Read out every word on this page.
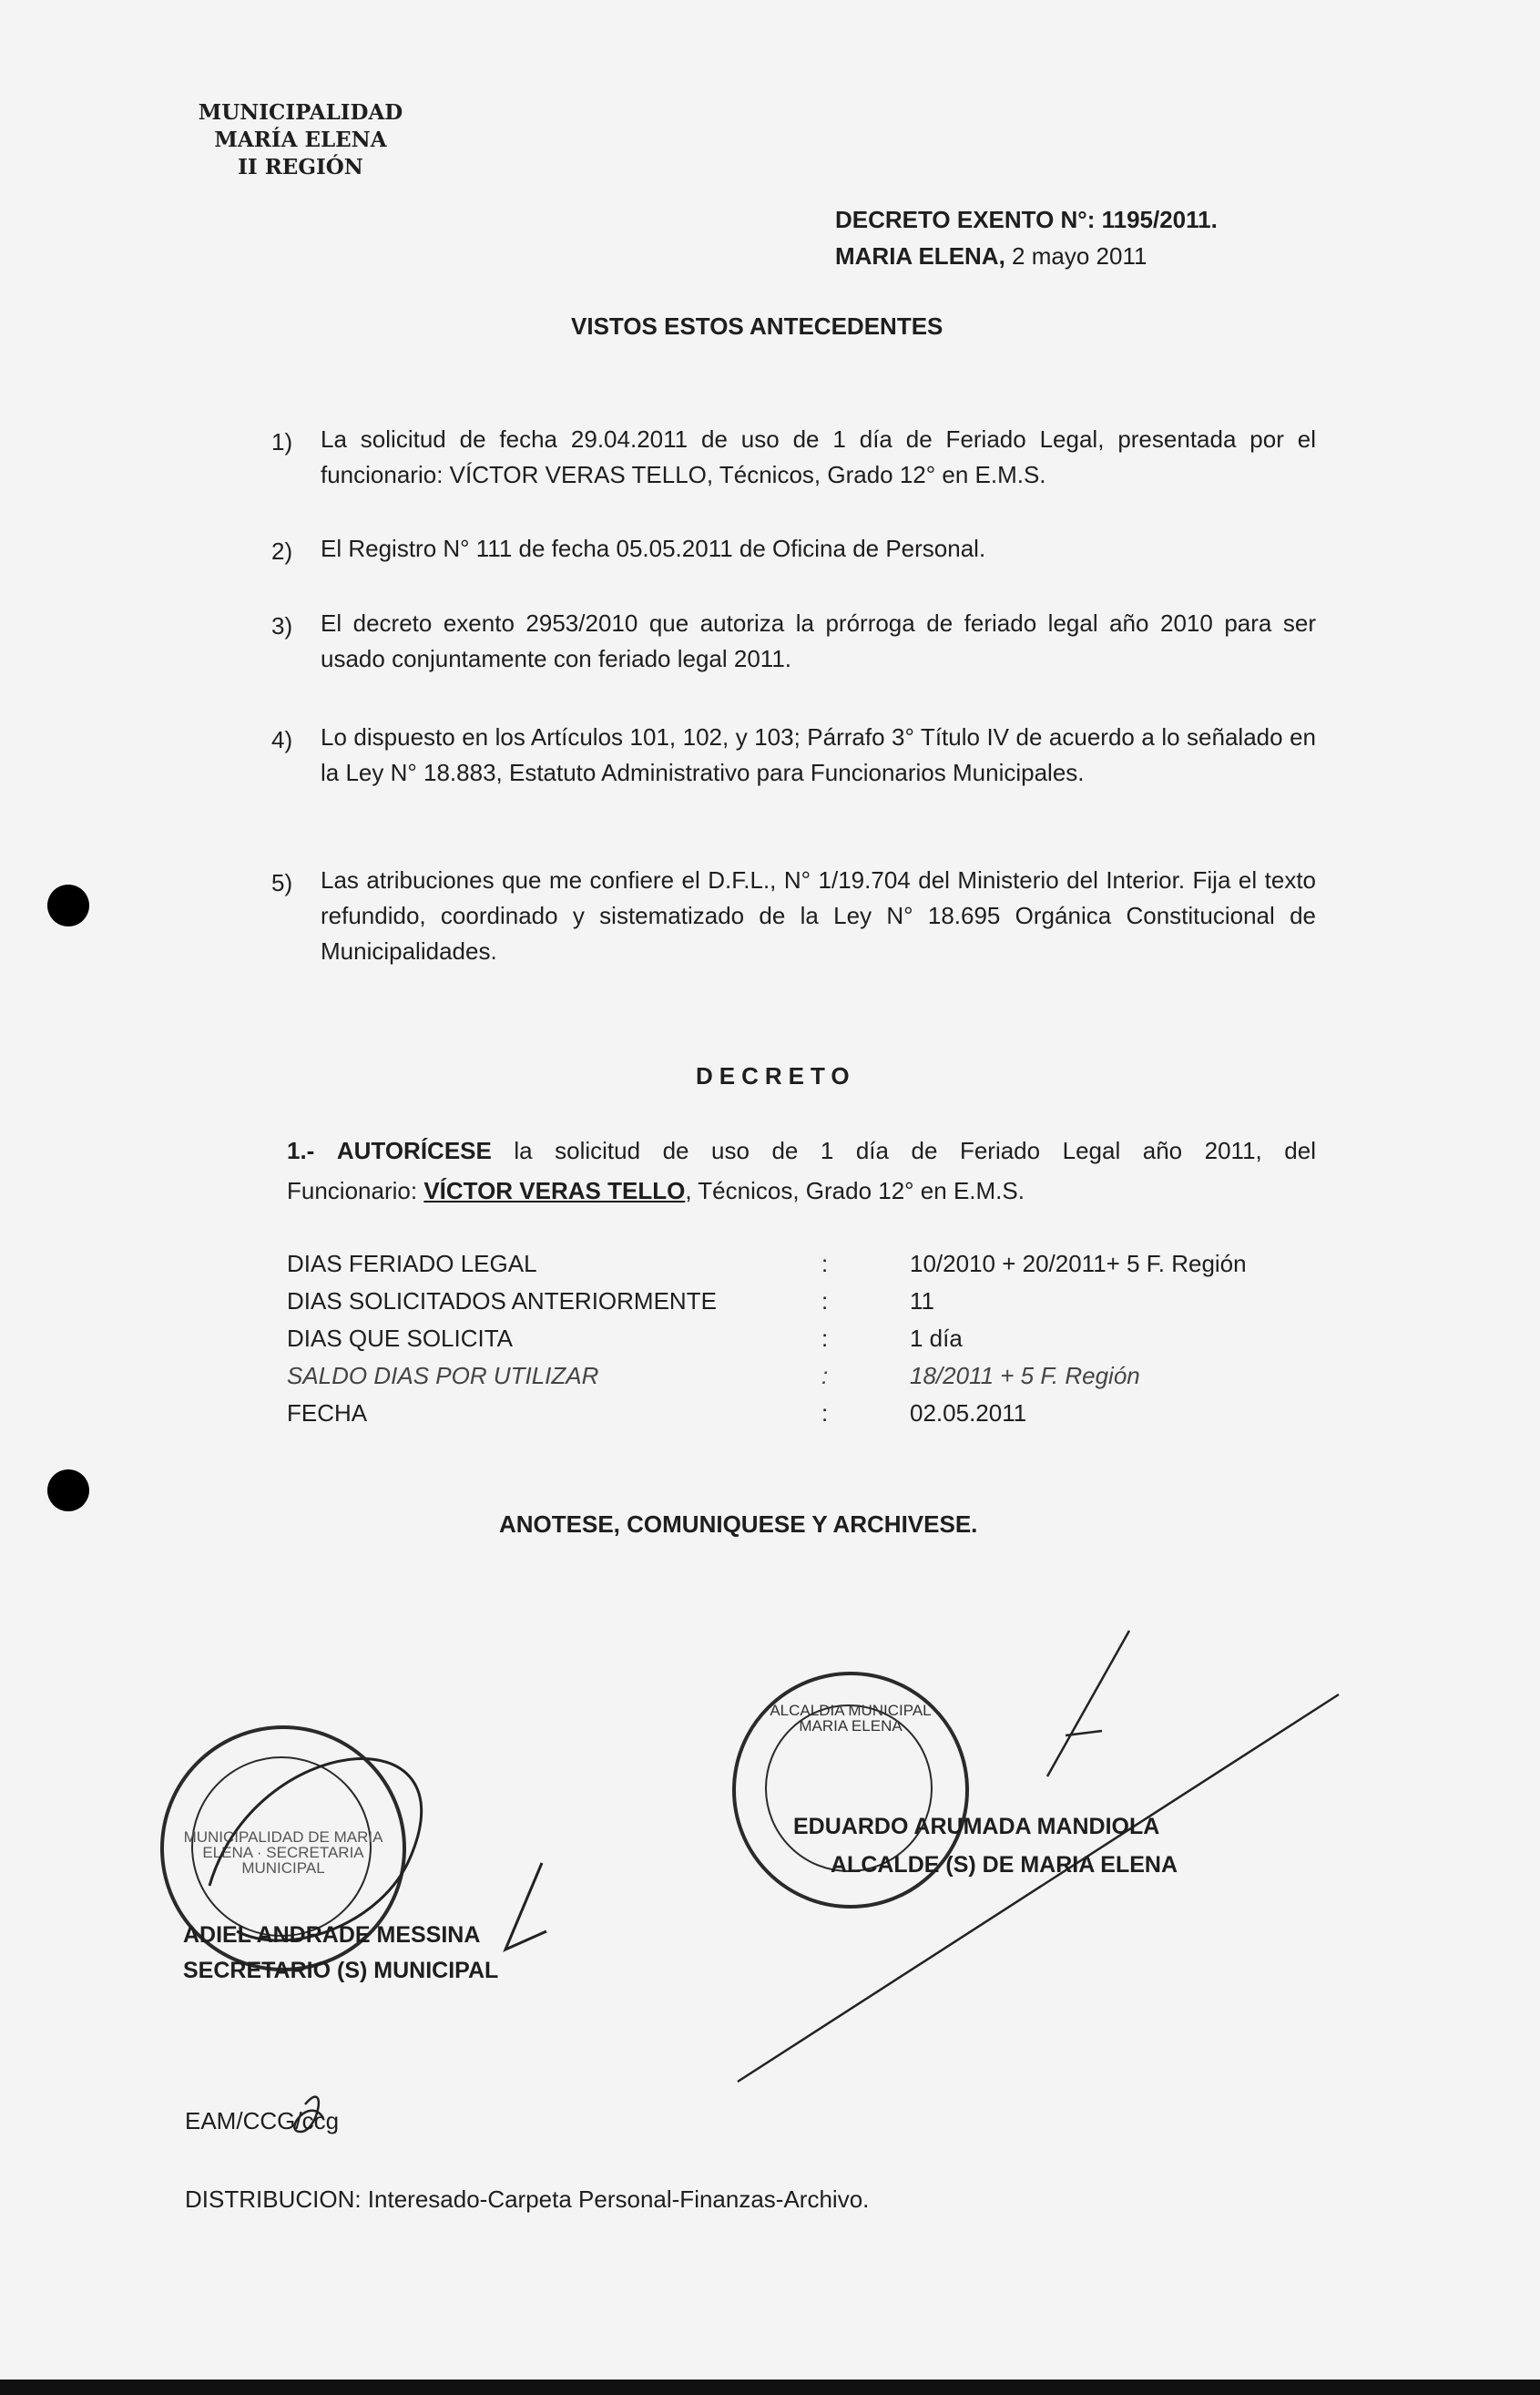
MUNICIPALIDAD
MARÍA ELENA
II REGIÓN
DECRETO EXENTO N°: 1195/2011.
MARIA ELENA, 2 mayo 2011
VISTOS ESTOS ANTECEDENTES
1) La solicitud de fecha 29.04.2011 de uso de 1 día de Feriado Legal, presentada por el funcionario: VÍCTOR VERAS TELLO, Técnicos, Grado 12° en E.M.S.
2) El Registro N° 111 de fecha 05.05.2011 de Oficina de Personal.
3) El decreto exento 2953/2010 que autoriza la prórroga de feriado legal año 2010 para ser usado conjuntamente con feriado legal 2011.
4) Lo dispuesto en los Artículos 101, 102, y 103; Párrafo 3° Título IV de acuerdo a lo señalado en la Ley N° 18.883, Estatuto Administrativo para Funcionarios Municipales.
5) Las atribuciones que me confiere el D.F.L., N° 1/19.704 del Ministerio del Interior. Fija el texto refundido, coordinado y sistematizado de la Ley N° 18.695 Orgánica Constitucional de Municipalidades.
DECRETO
1.- AUTORÍCESE la solicitud de uso de 1 día de Feriado Legal año 2011, del
Funcionario: VÍCTOR VERAS TELLO, Técnicos, Grado 12° en E.M.S.
DIAS FERIADO LEGAL	:	10/2010 + 20/2011+ 5 F. Región
DIAS SOLICITADOS ANTERIORMENTE	:	11
DIAS QUE SOLICITA	:	1 día
SALDO DIAS POR UTILIZAR	:	18/2011 + 5 F. Región
FECHA	:	02.05.2011
ANOTESE, COMUNIQUESE Y ARCHIVESE.
MUNICIPALIDAD DE MARIA ELENA · SECRETARIA MUNICIPAL
ALCALDIA MUNICIPAL MARIA ELENA
ADIEL ANDRADE MESSINA
SECRETARIO (S) MUNICIPAL
EDUARDO ARUMADA MANDIOLA
ALCALDE (S) DE MARIA ELENA
EAM/CCG/ccg
DISTRIBUCION: Interesado-Carpeta Personal-Finanzas-Archivo.
